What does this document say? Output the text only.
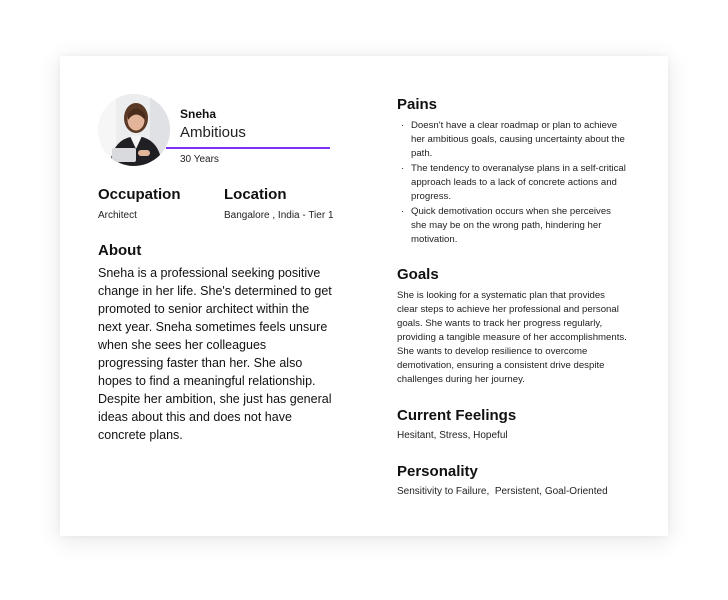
Sneha
Ambitious
30 Years
Occupation
Architect
Location
Bangalore , India - Tier 1
About
Sneha is a professional seeking positive change in her life. She's determined to get promoted to senior architect within the next year. Sneha sometimes feels unsure when she sees her colleagues progressing faster than her. She also hopes to find a meaningful relationship. Despite her ambition, she just has general ideas about this and does not have concrete plans.
Pains
· Doesn't have a clear roadmap or plan to achieve her ambitious goals, causing uncertainty about the path.
· The tendency to overanalyse plans in a self-critical approach leads to a lack of concrete actions and progress.
· Quick demotivation occurs when she perceives she may be on the wrong path, hindering her motivation.
Goals
She is looking for a systematic plan that provides clear steps to achieve her professional and personal goals. She wants to track her progress regularly, providing a tangible measure of her accomplishments. She wants to develop resilience to overcome demotivation, ensuring a consistent drive despite challenges during her journey.
Current Feelings
Hesitant, Stress, Hopeful
Personality
Sensitivity to Failure,  Persistent, Goal-Oriented
